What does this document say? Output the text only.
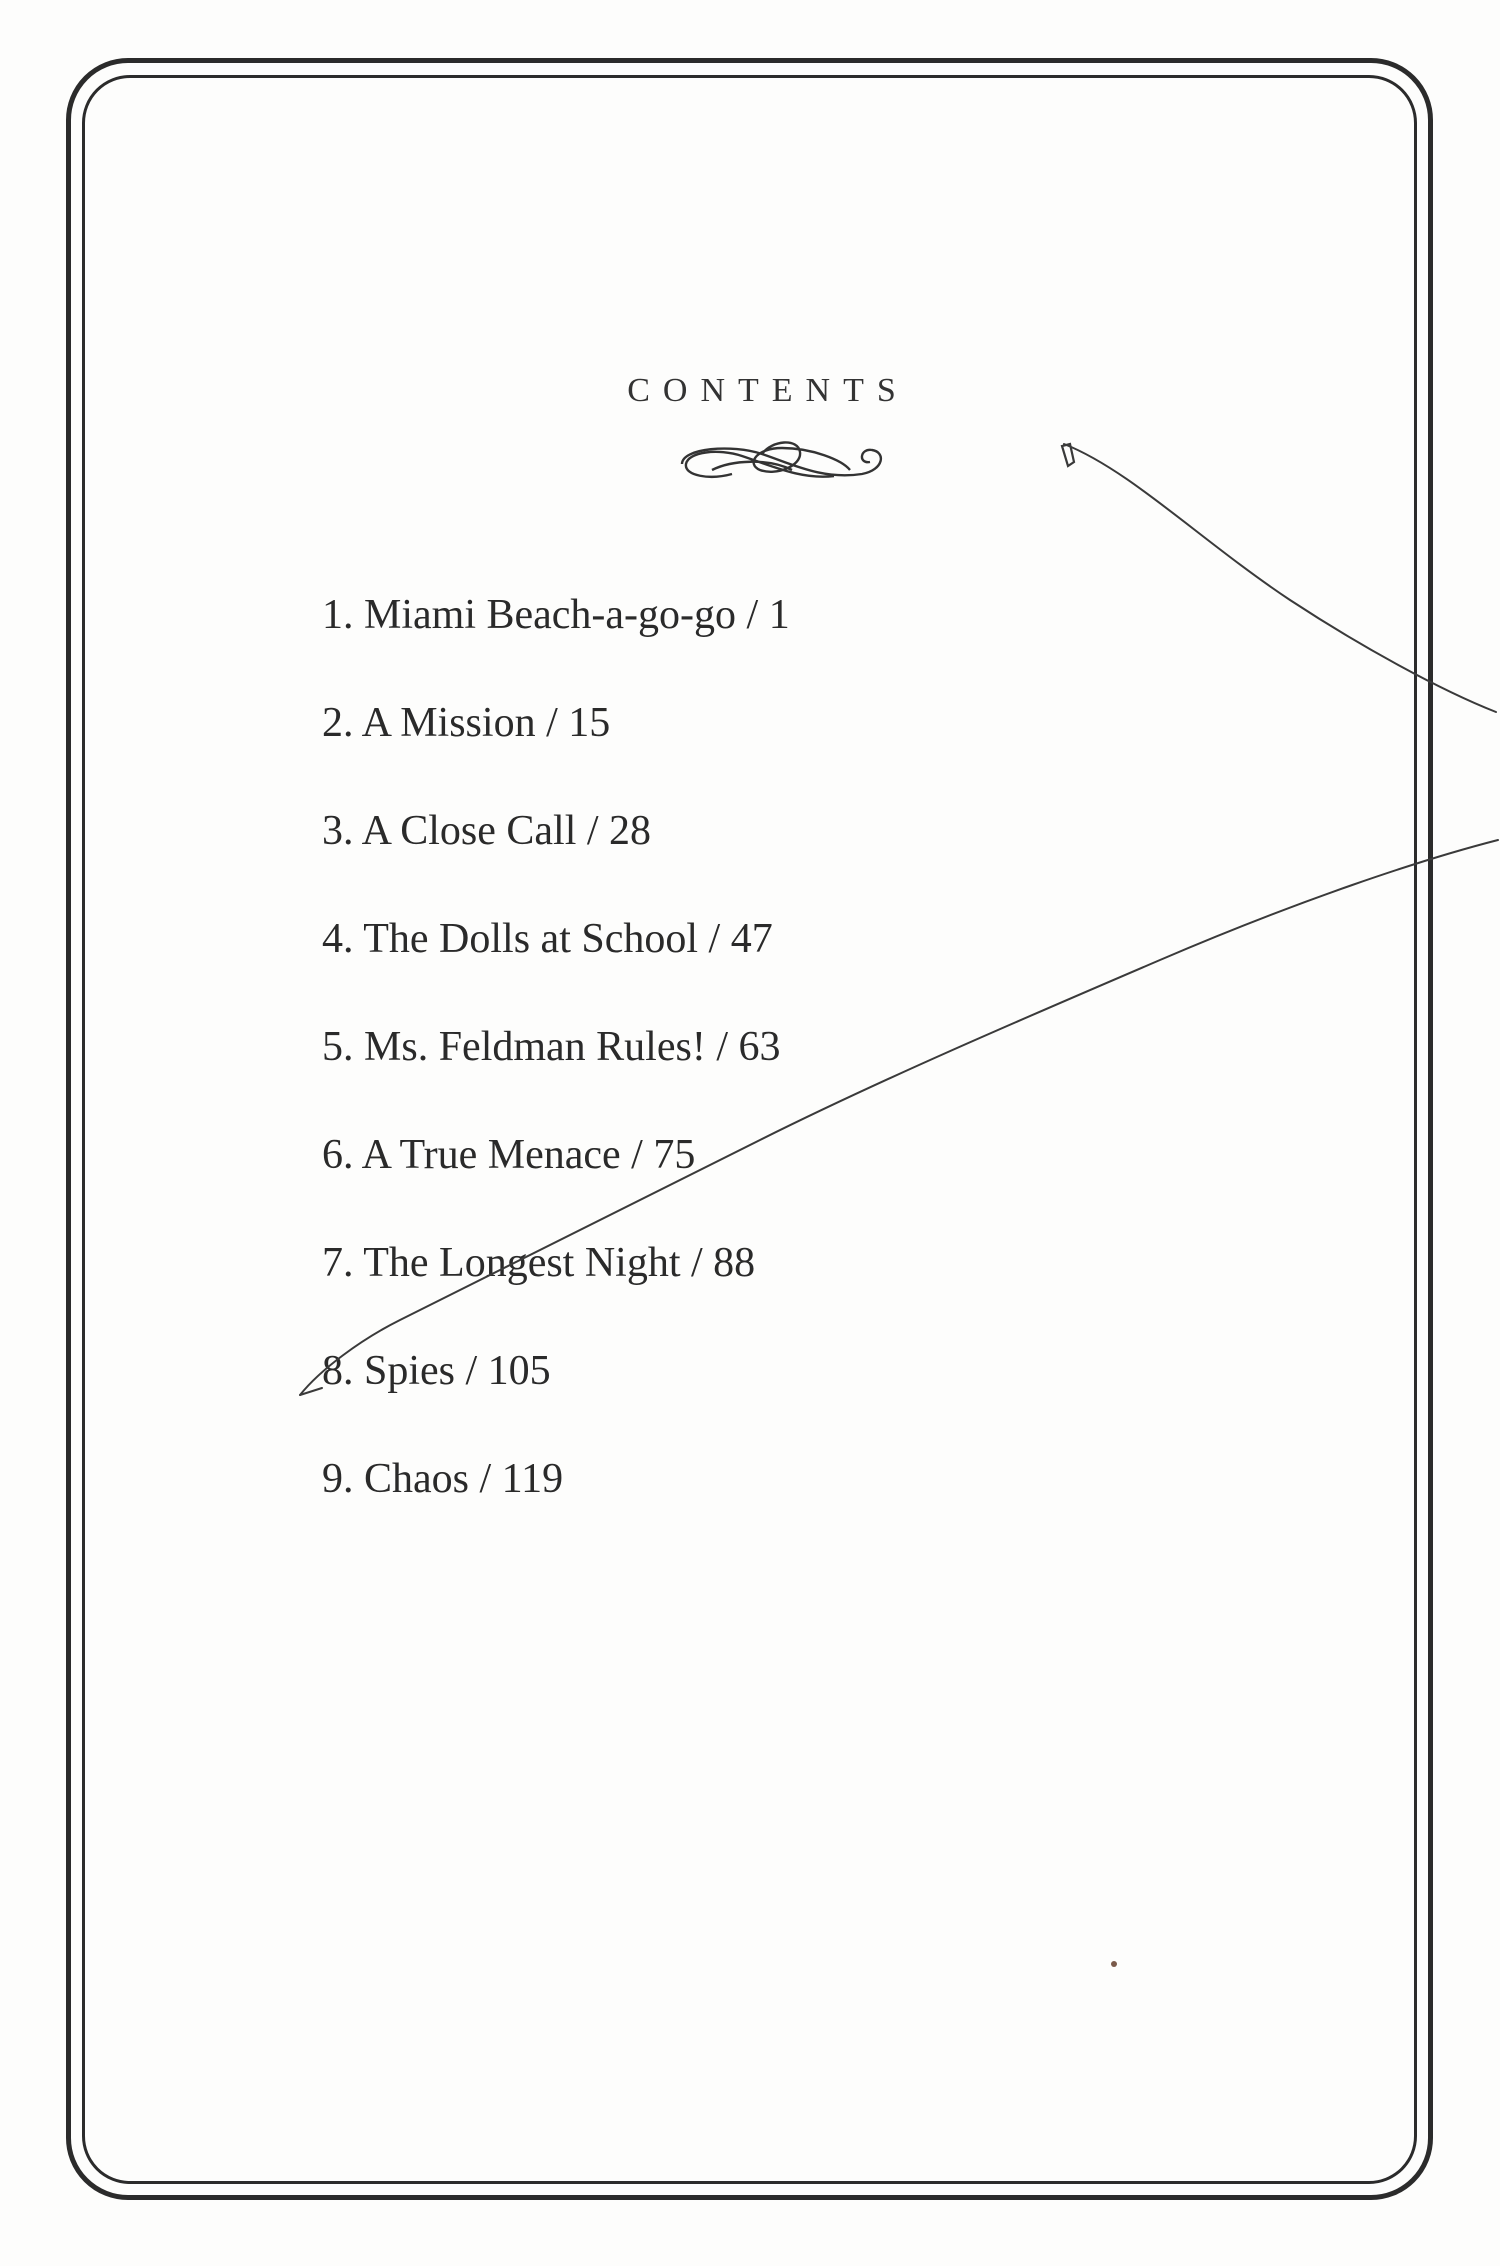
CONTENTS
1. Miami Beach-a-go-go / 1
2. A Mission / 15
3. A Close Call / 28
4. The Dolls at School / 47
5. Ms. Feldman Rules! / 63
6. A True Menace / 75
7. The Longest Night / 88
8. Spies / 105
9. Chaos / 119
